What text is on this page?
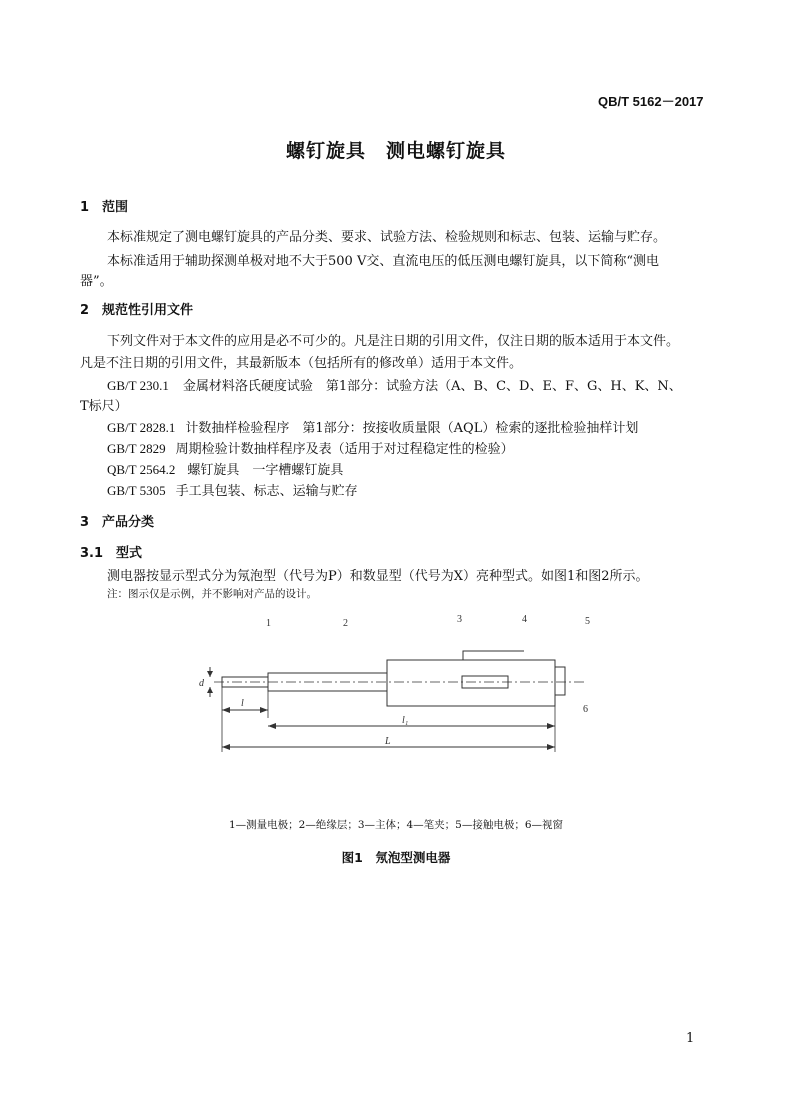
QB/T 5162－2017
螺钉旋具　测电螺钉旋具
1　范围
本标准规定了测电螺钉旋具的产品分类、要求、试验方法、检验规则和标志、包装、运输与贮存。
本标准适用于辅助探测单极对地不大于500 V交、直流电压的低压测电螺钉旋具，以下简称“测电
器”。
2　规范性引用文件
下列文件对于本文件的应用是必不可少的。凡是注日期的引用文件，仅注日期的版本适用于本文件。
凡是不注日期的引用文件，其最新版本（包括所有的修改单）适用于本文件。
GB/T 230.1 金属材料洛氏硬度试验　第1部分：试验方法（A、B、C、D、E、F、G、H、K、N、
T标尺）
GB/T 2828.1 计数抽样检验程序　第1部分：按接收质量限（AQL）检索的逐批检验抽样计划
GB/T 2829 周期检验计数抽样程序及表（适用于对过程稳定性的检验）
QB/T 2564.2 螺钉旋具　一字槽螺钉旋具
GB/T 5305 手工具包装、标志、运输与贮存
3　产品分类
3.1　型式
测电器按显示型式分为氖泡型（代号为P）和数显型（代号为X）亮种型式。如图1和图2所示。
注：图示仅是示例，并不影响对产品的设计。
1	2	3	4	5
6
d
l
l₁
L
1—测量电极；2—绝缘层；3—主体；4—笔夹；5—接触电极；6—视窗
图1　氖泡型测电器
1
